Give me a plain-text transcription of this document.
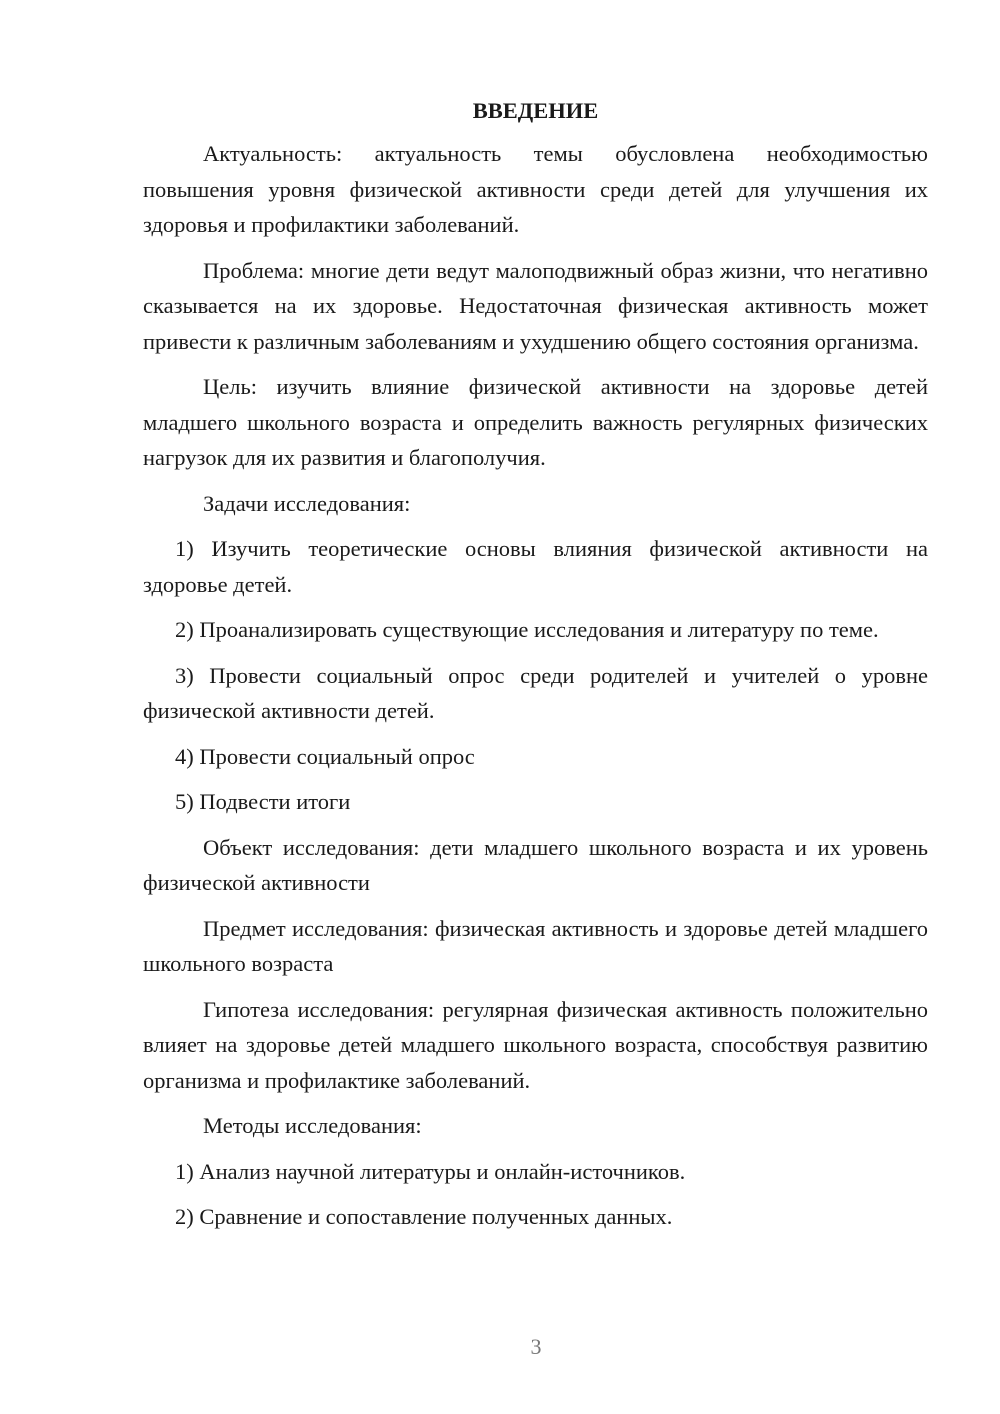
ВВЕДЕНИЕ

Актуальность: актуальность темы обусловлена необходимостью повышения уровня физической активности среди детей для улучшения их здоровья и профилактики заболеваний.

Проблема: многие дети ведут малоподвижный образ жизни, что негативно сказывается на их здоровье. Недостаточная физическая активность может привести к различным заболеваниям и ухудшению общего состояния организма.

Цель: изучить влияние физической активности на здоровье детей младшего школьного возраста и определить важность регулярных физических нагрузок для их развития и благополучия.

Задачи исследования:

1) Изучить теоретические основы влияния физической активности на здоровье детей.

2) Проанализировать существующие исследования и литературу по теме.

3) Провести социальный опрос среди родителей и учителей о уровне физической активности детей.

4) Провести социальный опрос

5) Подвести итоги

Объект исследования: дети младшего школьного возраста и их уровень физической активности

Предмет исследования: физическая активность и здоровье детей младшего школьного возраста

Гипотеза исследования: регулярная физическая активность положительно влияет на здоровье детей младшего школьного возраста, способствуя развитию организма и профилактике заболеваний.

Методы исследования:

1) Анализ научной литературы и онлайн-источников.

2) Сравнение и сопоставление полученных данных.

3
